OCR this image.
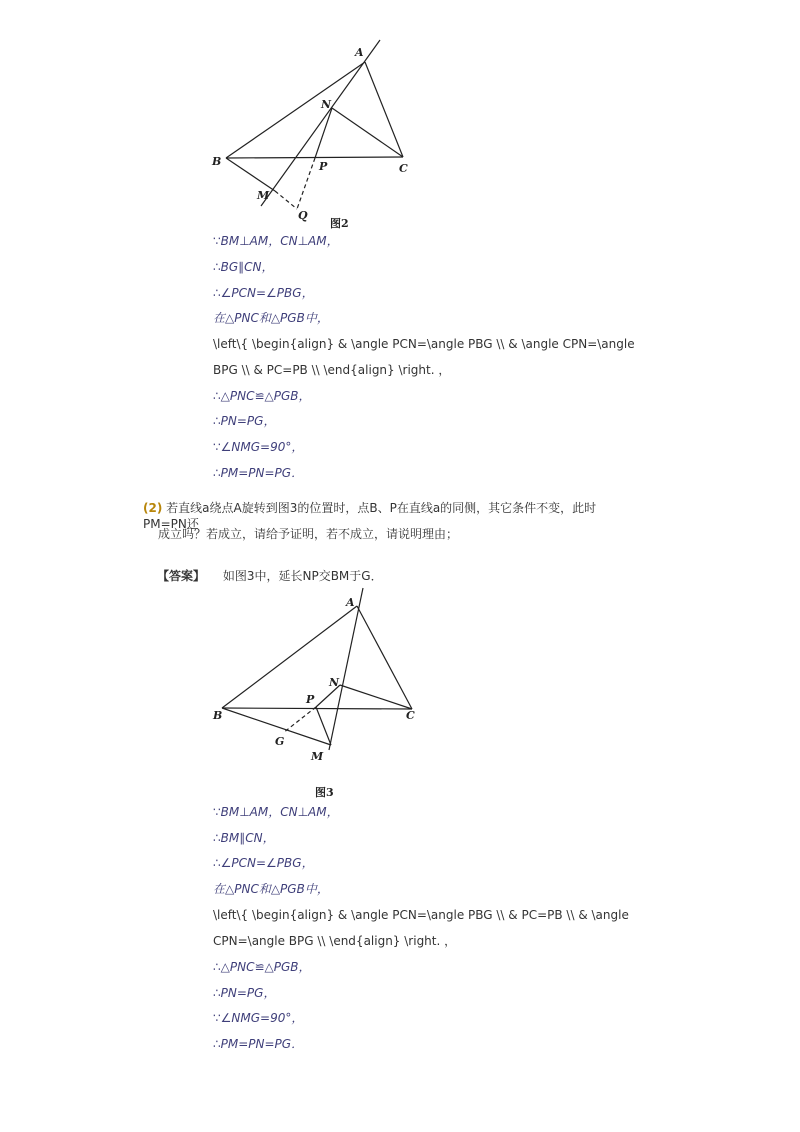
A
N
B	P	C
M
Q
图2
∵BM⊥AM，CN⊥AM，
∴BG∥CN，
∴∠PCN=∠PBG，
在△PNC和△PGB中，
\left\{ \begin{align} & \angle PCN=\angle PBG \\ & \angle CPN=\angle
BPG \\ & PC=PB \\ \end{align} \right. ，
∴△PNC≌△PGB，
∴PN=PG，
∵∠NMG=90°，
∴PM=PN=PG．
(2) 若直线a绕点A旋转到图3的位置时，点B、P在直线a的同侧，其它条件不变，此时PM=PN还
成立吗？若成立，请给予证明，若不成立，请说明理由；
【答案】 如图3中，延长NP交BM于G．
A
N
P
B	C
G
M
图3
∵BM⊥AM，CN⊥AM，
∴BM∥CN，
∴∠PCN=∠PBG，
在△PNC和△PGB中，
\left\{ \begin{align} & \angle PCN=\angle PBG \\ & PC=PB \\ & \angle
CPN=\angle BPG \\ \end{align} \right. ，
∴△PNC≌△PGB，
∴PN=PG，
∵∠NMG=90°，
∴PM=PN=PG．
